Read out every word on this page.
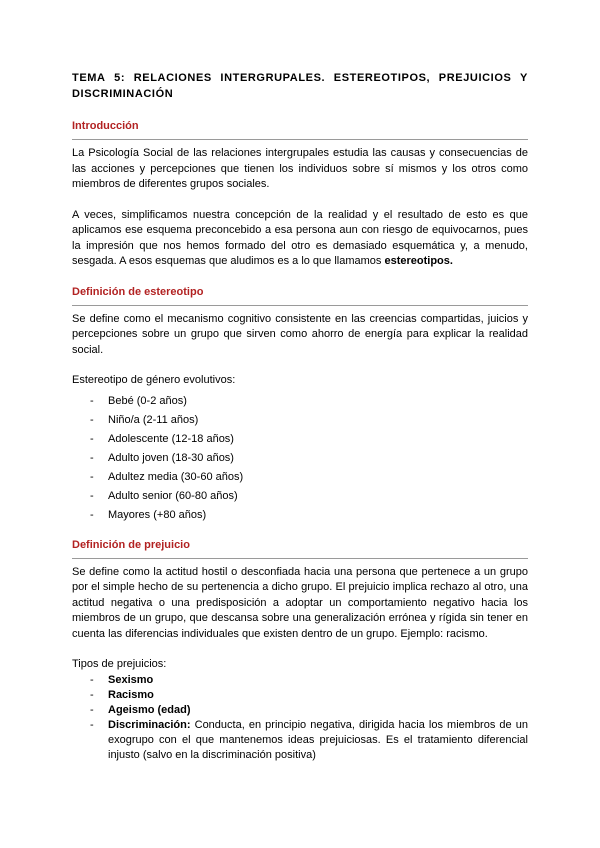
TEMA 5: RELACIONES INTERGRUPALES. ESTEREOTIPOS, PREJUICIOS Y
DISCRIMINACIÓN
Introducción

La Psicología Social de las relaciones intergrupales estudia las causas y consecuencias de las acciones y percepciones que tienen los individuos sobre sí mismos y los otros como miembros de diferentes grupos sociales.

A veces, simplificamos nuestra concepción de la realidad y el resultado de esto es que aplicamos ese esquema preconcebido a esa persona aun con riesgo de equivocarnos, pues la impresión que nos hemos formado del otro es demasiado esquemática y, a menudo, sesgada. A esos esquemas que aludimos es a lo que llamamos estereotipos.

Definición de estereotipo

Se define como el mecanismo cognitivo consistente en las creencias compartidas, juicios y percepciones sobre un grupo que sirven como ahorro de energía para explicar la realidad social.

Estereotipo de género evolutivos:

- Bebé (0-2 años)
- Niño/a (2-11 años)
- Adolescente (12-18 años)
- Adulto joven (18-30 años)
- Adultez media (30-60 años)
- Adulto senior (60-80 años)
- Mayores (+80 años)
Definición de prejuicio

Se define como la actitud hostil o desconfiada hacia una persona que pertenece a un grupo por el simple hecho de su pertenencia a dicho grupo. El prejuicio implica rechazo al otro, una actitud negativa o una predisposición a adoptar un comportamiento negativo hacia los miembros de un grupo, que descansa sobre una generalización errónea y rígida sin tener en cuenta las diferencias individuales que existen dentro de un grupo. Ejemplo: racismo.

Tipos de prejuicios:

- Sexismo
- Racismo
- Ageismo (edad)
- Discriminación: Conducta, en principio negativa, dirigida hacia los miembros de un exogrupo con el que mantenemos ideas prejuiciosas. Es el tratamiento diferencial injusto (salvo en la discriminación positiva)
